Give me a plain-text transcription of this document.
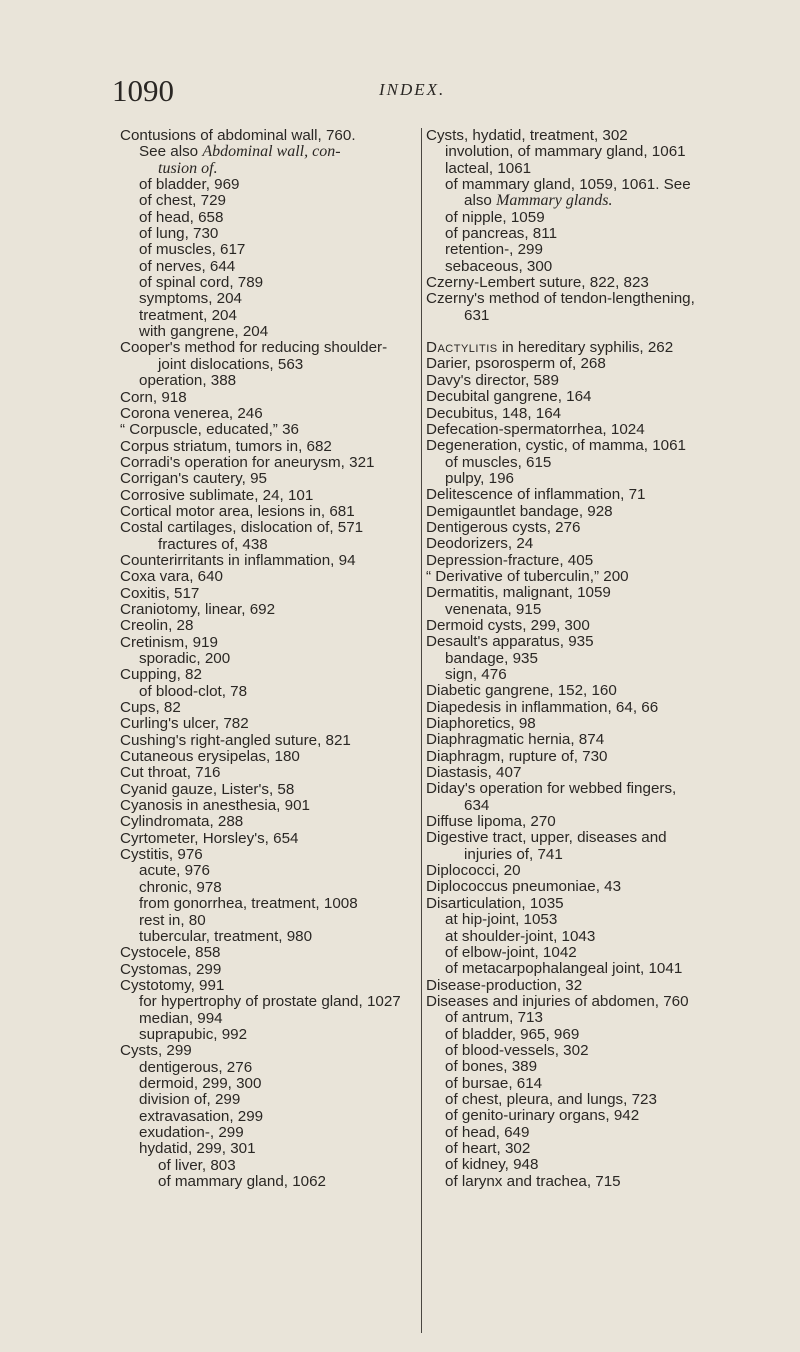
1090	INDEX.
Contusions of abdominal wall, 760.
See also Abdominal wall, con-
tusion of.
of bladder, 969
of chest, 729
of head, 658
of lung, 730
of muscles, 617
of nerves, 644
of spinal cord, 789
symptoms, 204
treatment, 204
with gangrene, 204
Cooper's method for reducing shoulder-
joint dislocations, 563
operation, 388
Corn, 918
Corona venerea, 246
“ Corpuscle, educated,” 36
Corpus striatum, tumors in, 682
Corradi's operation for aneurysm, 321
Corrigan's cautery, 95
Corrosive sublimate, 24, 101
Cortical motor area, lesions in, 681
Costal cartilages, dislocation of, 571
fractures of, 438
Counterirritants in inflammation, 94
Coxa vara, 640
Coxitis, 517
Craniotomy, linear, 692
Creolin, 28
Cretinism, 919
sporadic, 200
Cupping, 82
of blood-clot, 78
Cups, 82
Curling's ulcer, 782
Cushing's right-angled suture, 821
Cutaneous erysipelas, 180
Cut throat, 716
Cyanid gauze, Lister's, 58
Cyanosis in anesthesia, 901
Cylindromata, 288
Cyrtometer, Horsley's, 654
Cystitis, 976
acute, 976
chronic, 978
from gonorrhea, treatment, 1008
rest in, 80
tubercular, treatment, 980
Cystocele, 858
Cystomas, 299
Cystotomy, 991
for hypertrophy of prostate gland, 1027
median, 994
suprapubic, 992
Cysts, 299
dentigerous, 276
dermoid, 299, 300
division of, 299
extravasation, 299
exudation-, 299
hydatid, 299, 301
of liver, 803
of mammary gland, 1062
Cysts, hydatid, treatment, 302
involution, of mammary gland, 1061
lacteal, 1061
of mammary gland, 1059, 1061. See
also Mammary glands.
of nipple, 1059
of pancreas, 811
retention-, 299
sebaceous, 300
Czerny-Lembert suture, 822, 823
Czerny's method of tendon-lengthening,
631
Dactylitis in hereditary syphilis, 262
Darier, psorosperm of, 268
Davy's director, 589
Decubital gangrene, 164
Decubitus, 148, 164
Defecation-spermatorrhea, 1024
Degeneration, cystic, of mamma, 1061
of muscles, 615
pulpy, 196
Delitescence of inflammation, 71
Demigauntlet bandage, 928
Dentigerous cysts, 276
Deodorizers, 24
Depression-fracture, 405
“ Derivative of tuberculin,” 200
Dermatitis, malignant, 1059
venenata, 915
Dermoid cysts, 299, 300
Desault's apparatus, 935
bandage, 935
sign, 476
Diabetic gangrene, 152, 160
Diapedesis in inflammation, 64, 66
Diaphoretics, 98
Diaphragmatic hernia, 874
Diaphragm, rupture of, 730
Diastasis, 407
Diday's operation for webbed fingers,
634
Diffuse lipoma, 270
Digestive tract, upper, diseases and
injuries of, 741
Diplococci, 20
Diplococcus pneumoniae, 43
Disarticulation, 1035
at hip-joint, 1053
at shoulder-joint, 1043
of elbow-joint, 1042
of metacarpophalangeal joint, 1041
Disease-production, 32
Diseases and injuries of abdomen, 760
of antrum, 713
of bladder, 965, 969
of blood-vessels, 302
of bones, 389
of bursae, 614
of chest, pleura, and lungs, 723
of genito-urinary organs, 942
of head, 649
of heart, 302
of kidney, 948
of larynx and trachea, 715
